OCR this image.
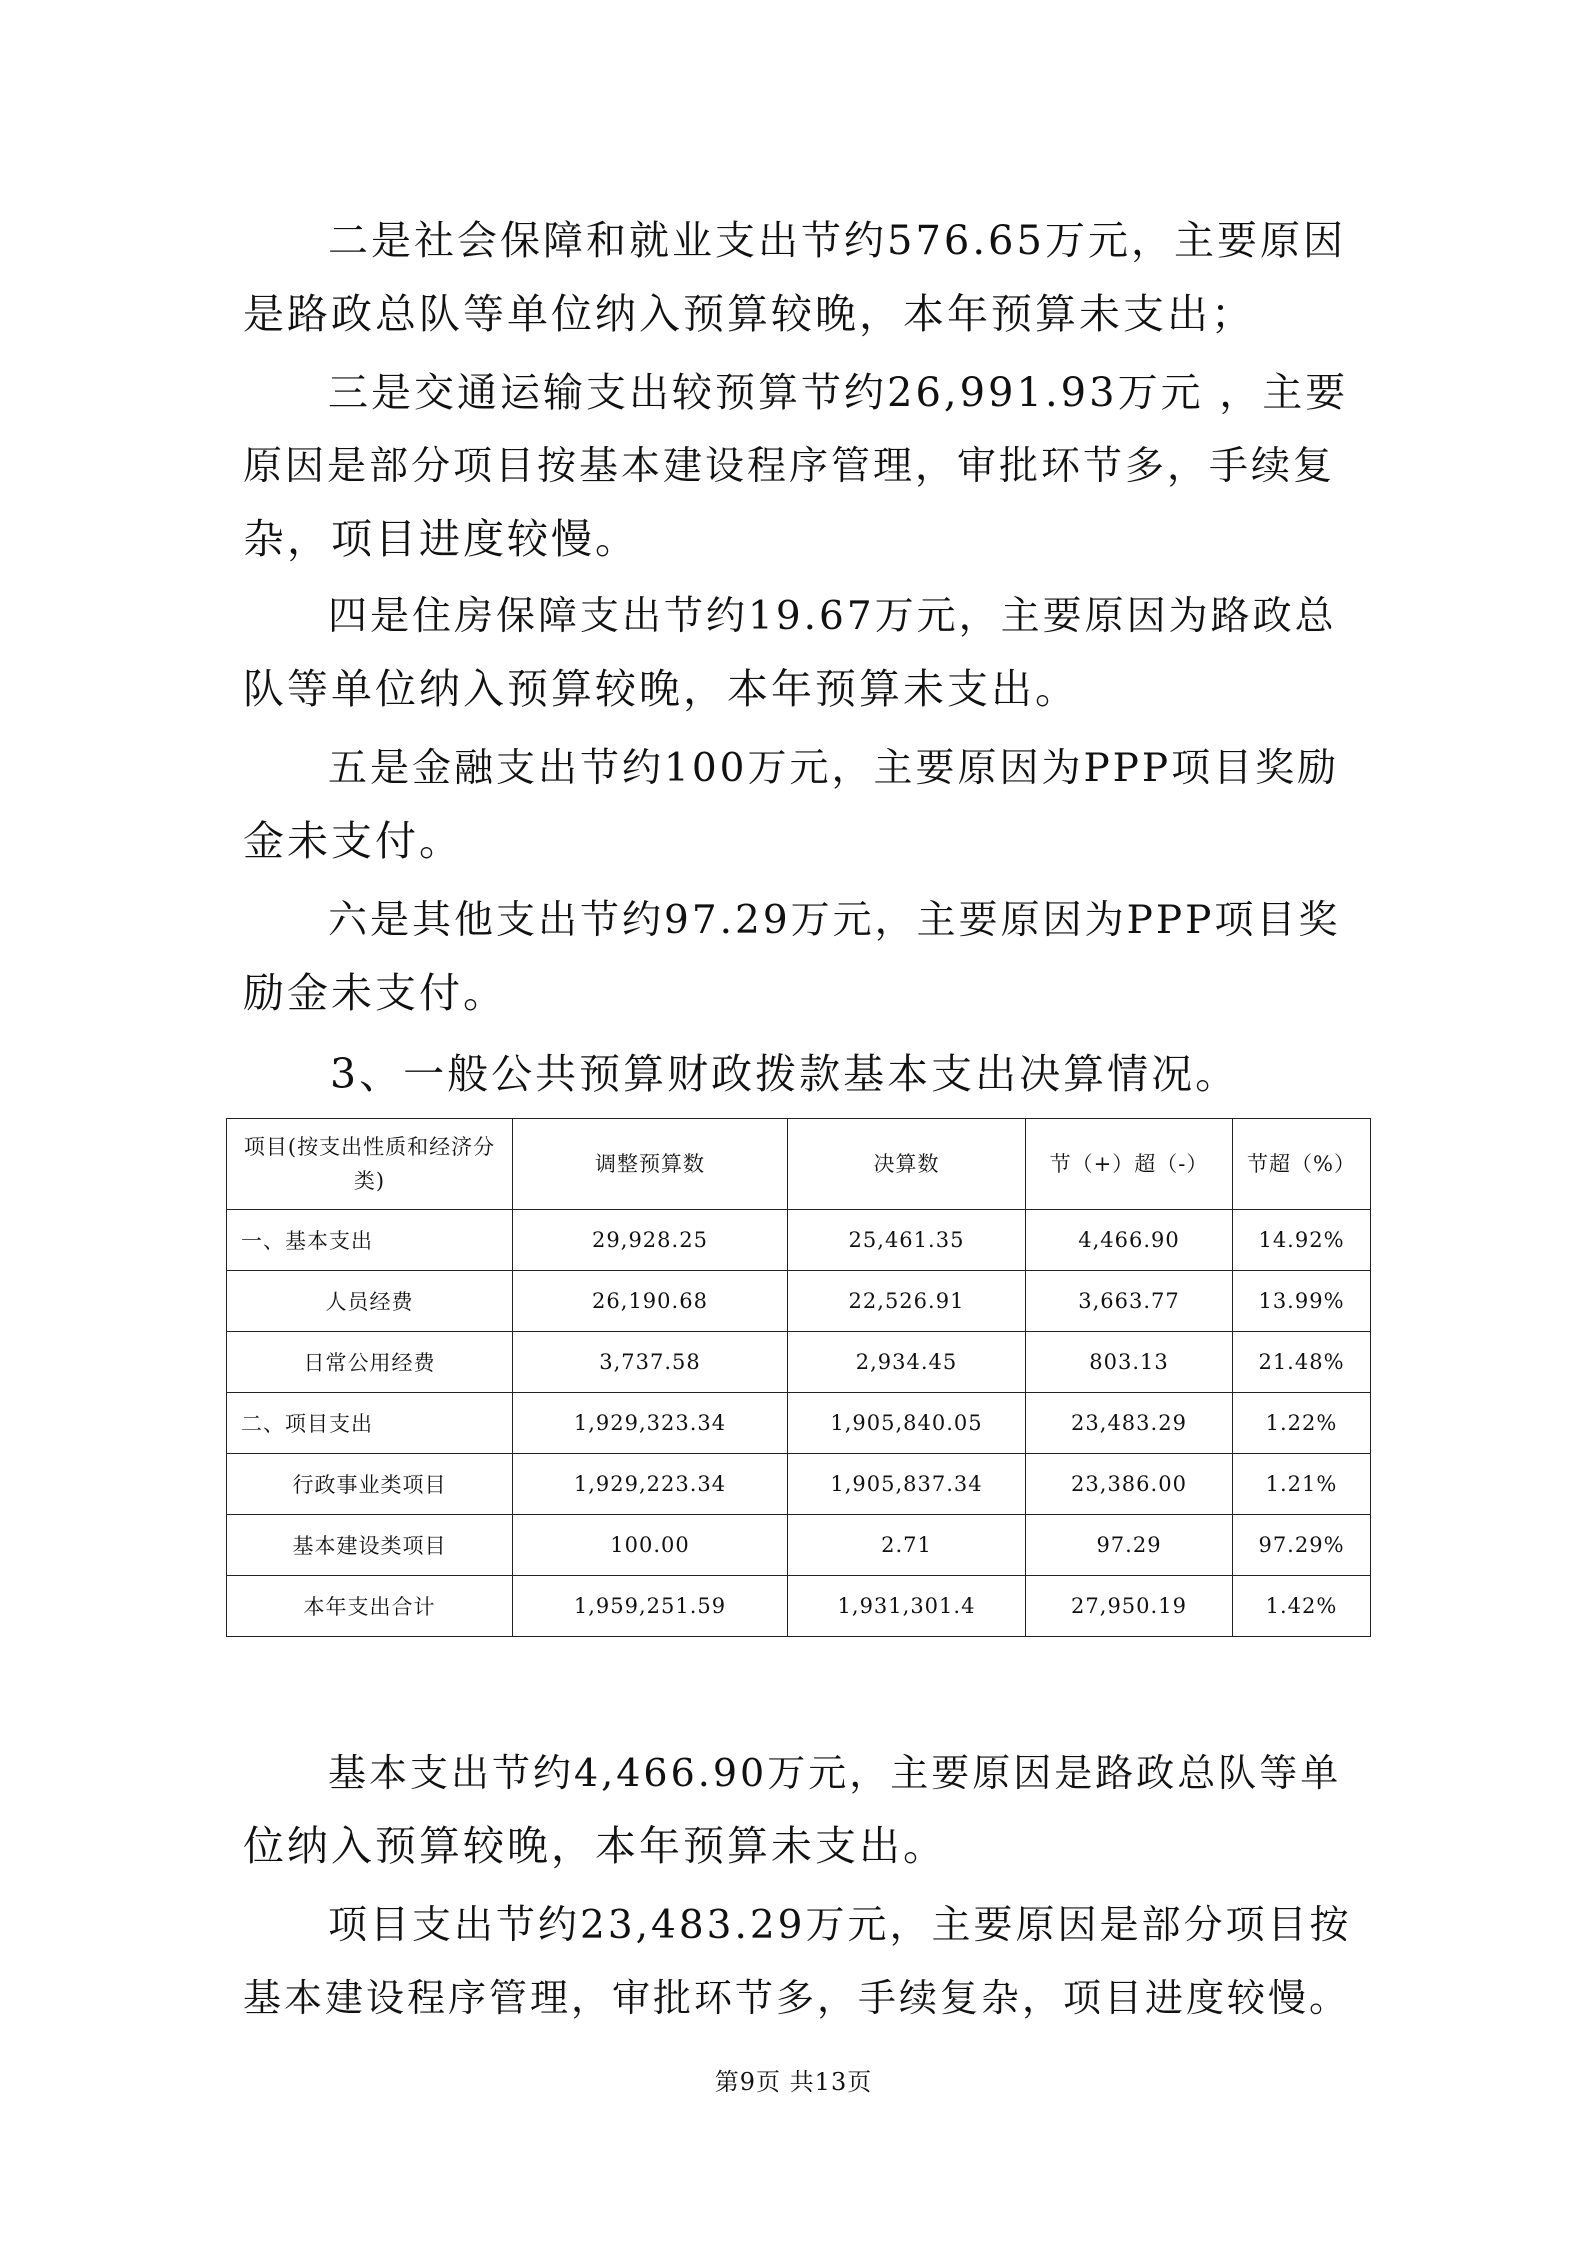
二是社会保障和就业支出节约576.65万元，主要原因
是路政总队等单位纳入预算较晚，本年预算未支出；
三是交通运输支出较预算节约26,991.93万元 ，主要
原因是部分项目按基本建设程序管理，审批环节多，手续复
杂，项目进度较慢。
四是住房保障支出节约19.67万元，主要原因为路政总
队等单位纳入预算较晚，本年预算未支出。
五是金融支出节约100万元，主要原因为PPP项目奖励
金未支付。
六是其他支出节约97.29万元，主要原因为PPP项目奖
励金未支付。
3、一般公共预算财政拨款基本支出决算情况。
项目(按支出性质和经济分类)	调整预算数	决算数	节（+）超（-）	节超（%）
一、基本支出	29,928.25	25,461.35	4,466.90	14.92%
人员经费	26,190.68	22,526.91	3,663.77	13.99%
日常公用经费	3,737.58	2,934.45	803.13	21.48%
二、项目支出	1,929,323.34	1,905,840.05	23,483.29	1.22%
行政事业类项目	1,929,223.34	1,905,837.34	23,386.00	1.21%
基本建设类项目	100.00	2.71	97.29	97.29%
本年支出合计	1,959,251.59	1,931,301.4	27,950.19	1.42%
基本支出节约4,466.90万元，主要原因是路政总队等单
位纳入预算较晚，本年预算未支出。
项目支出节约23,483.29万元，主要原因是部分项目按
基本建设程序管理，审批环节多，手续复杂，项目进度较慢。
第9页 共13页
